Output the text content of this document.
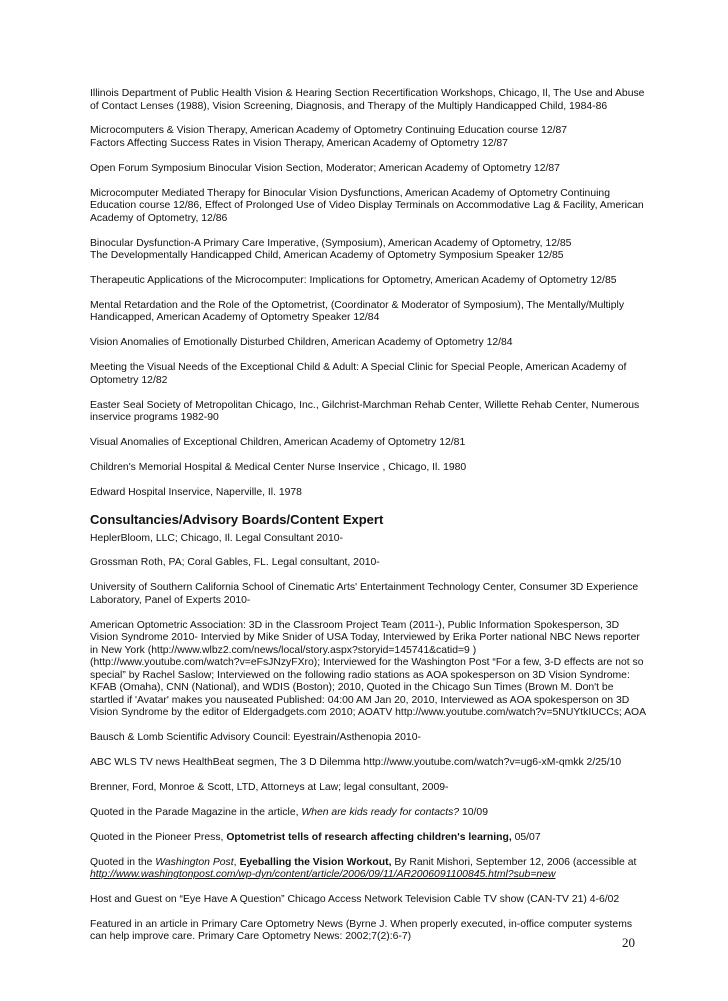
Illinois Department of Public Health Vision & Hearing Section Recertification Workshops, Chicago, Il, The Use and Abuse
of Contact Lenses (1988), Vision Screening, Diagnosis, and Therapy of the Multiply Handicapped Child, 1984-86
Microcomputers & Vision Therapy, American Academy of Optometry Continuing Education course 12/87
Factors Affecting Success Rates in Vision Therapy, American Academy of Optometry 12/87
Open Forum Symposium Binocular Vision Section, Moderator; American Academy of Optometry 12/87
Microcomputer Mediated Therapy for Binocular Vision Dysfunctions, American Academy of Optometry Continuing
Education course 12/86, Effect of Prolonged Use of Video Display Terminals on Accommodative Lag & Facility, American
Academy of Optometry, 12/86
Binocular Dysfunction-A Primary Care Imperative, (Symposium), American Academy of Optometry, 12/85
The Developmentally Handicapped Child, American Academy of Optometry Symposium Speaker 12/85
Therapeutic Applications of the Microcomputer: Implications for Optometry, American Academy of Optometry 12/85
Mental Retardation and the Role of the Optometrist, (Coordinator & Moderator of Symposium), The Mentally/Multiply
Handicapped, American Academy of Optometry Speaker 12/84
Vision Anomalies of Emotionally Disturbed Children, American Academy of Optometry 12/84
Meeting the Visual Needs of the Exceptional Child & Adult: A Special Clinic for Special People, American Academy of
Optometry 12/82
Easter Seal Society of Metropolitan Chicago, Inc., Gilchrist-Marchman Rehab Center, Willette Rehab Center, Numerous
inservice programs 1982-90
Visual Anomalies of Exceptional Children, American Academy of Optometry 12/81
Children's Memorial Hospital & Medical Center Nurse Inservice , Chicago, Il. 1980
Edward Hospital Inservice, Naperville, Il. 1978
Consultancies/Advisory Boards/Content Expert
HeplerBloom, LLC; Chicago, Il. Legal Consultant 2010-
Grossman Roth, PA; Coral Gables, FL. Legal consultant, 2010-
University of Southern California School of Cinematic Arts' Entertainment Technology Center, Consumer 3D Experience
Laboratory, Panel of Experts 2010-
American Optometric Association: 3D in the Classroom Project Team (2011-), Public Information Spokesperson, 3D
Vision Syndrome 2010- Intervied by Mike Snider of USA Today, Interviewed by Erika Porter national NBC News reporter
in New York (http://www.wlbz2.com/news/local/story.aspx?storyid=145741&catid=9 )
(http://www.youtube.com/watch?v=eFsJNzyFXro); Interviewed for the Washington Post “For a few, 3-D effects are not so
special” by Rachel Saslow; Interviewed on the following radio stations as AOA spokesperson on 3D Vision Syndrome:
KFAB (Omaha), CNN (National), and WDIS (Boston); 2010, Quoted in the Chicago Sun Times (Brown M. Don't be
startled if 'Avatar' makes you nauseated Published: 04:00 AM Jan 20, 2010, Interviewed as AOA spokesperson on 3D
Vision Syndrome by the editor of Eldergadgets.com 2010; AOATV http://www.youtube.com/watch?v=5NUYtkIUCCs; AOA
Bausch & Lomb Scientific Advisory Council: Eyestrain/Asthenopia 2010-
ABC WLS TV news HealthBeat segmen, The 3 D Dilemma http://www.youtube.com/watch?v=ug6-xM-qmkk 2/25/10
Brenner, Ford, Monroe & Scott, LTD, Attorneys at Law; legal consultant, 2009-
Quoted in the Parade Magazine in the article, When are kids ready for contacts? 10/09
Quoted in the Pioneer Press, Optometrist tells of research affecting children's learning, 05/07
Quoted in the Washington Post, Eyeballing the Vision Workout, By Ranit Mishori, September 12, 2006 (accessible at
http://www.washingtonpost.com/wp-dyn/content/article/2006/09/11/AR2006091100845.html?sub=new
Host and Guest on “Eye Have A Question” Chicago Access Network Television Cable TV show (CAN-TV 21) 4-6/02
Featured in an article in Primary Care Optometry News (Byrne J. When properly executed, in-office computer systems
can help improve care. Primary Care Optometry News: 2002;7(2):6-7)	20
